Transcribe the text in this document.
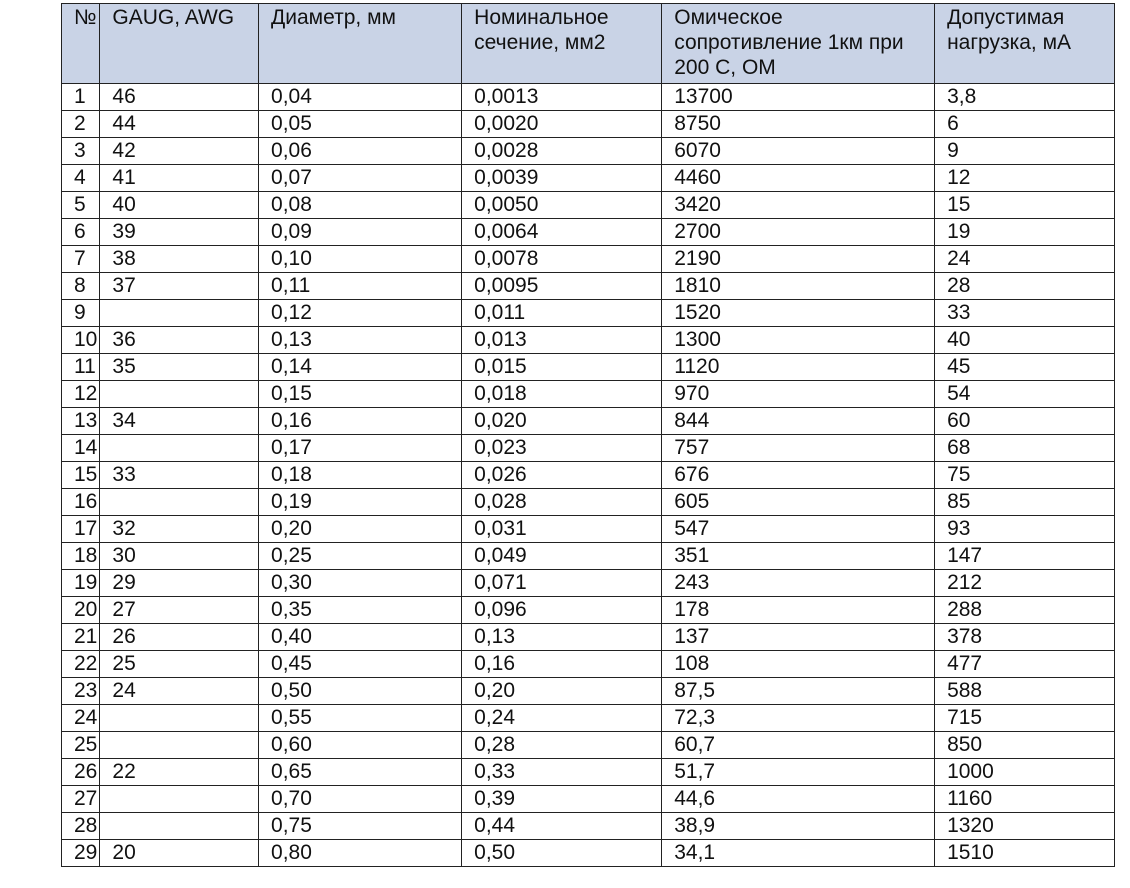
№	GAUG, AWG	Диаметр, мм	Номинальное сечение, мм2	Омическое сопротивление 1км при 200 С, ОМ	Допустимая нагрузка, мА
1	46	0,04	0,0013	13700	3,8
2	44	0,05	0,0020	8750	6
3	42	0,06	0,0028	6070	9
4	41	0,07	0,0039	4460	12
5	40	0,08	0,0050	3420	15
6	39	0,09	0,0064	2700	19
7	38	0,10	0,0078	2190	24
8	37	0,11	0,0095	1810	28
9		0,12	0,011	1520	33
10	36	0,13	0,013	1300	40
11	35	0,14	0,015	1120	45
12		0,15	0,018	970	54
13	34	0,16	0,020	844	60
14		0,17	0,023	757	68
15	33	0,18	0,026	676	75
16		0,19	0,028	605	85
17	32	0,20	0,031	547	93
18	30	0,25	0,049	351	147
19	29	0,30	0,071	243	212
20	27	0,35	0,096	178	288
21	26	0,40	0,13	137	378
22	25	0,45	0,16	108	477
23	24	0,50	0,20	87,5	588
24		0,55	0,24	72,3	715
25		0,60	0,28	60,7	850
26	22	0,65	0,33	51,7	1000
27		0,70	0,39	44,6	1160
28		0,75	0,44	38,9	1320
29	20	0,80	0,50	34,1	1510
